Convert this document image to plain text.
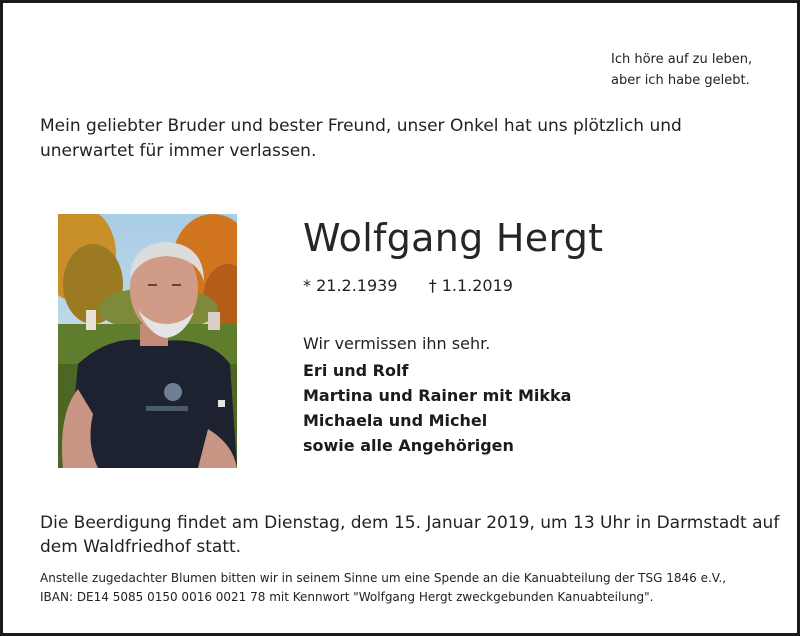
Ich höre auf zu leben,
aber ich habe gelebt.
Mein geliebter Bruder und bester Freund, unser Onkel hat uns plötzlich und unerwartet für immer verlassen.
Wolfgang Hergt
* 21.2.1939 † 1.1.2019
Wir vermissen ihn sehr.
Eri und Rolf
Martina und Rainer mit Mikka
Michaela und Michel
sowie alle Angehörigen
Die Beerdigung findet am Dienstag, dem 15. Januar 2019, um 13 Uhr in Darmstadt auf dem Waldfriedhof statt.
Anstelle zugedachter Blumen bitten wir in seinem Sinne um eine Spende an die Kanuabteilung der TSG 1846 e.V.,
IBAN: DE14 5085 0150 0016 0021 78 mit Kennwort "Wolfgang Hergt zweckgebunden Kanuabteilung".
